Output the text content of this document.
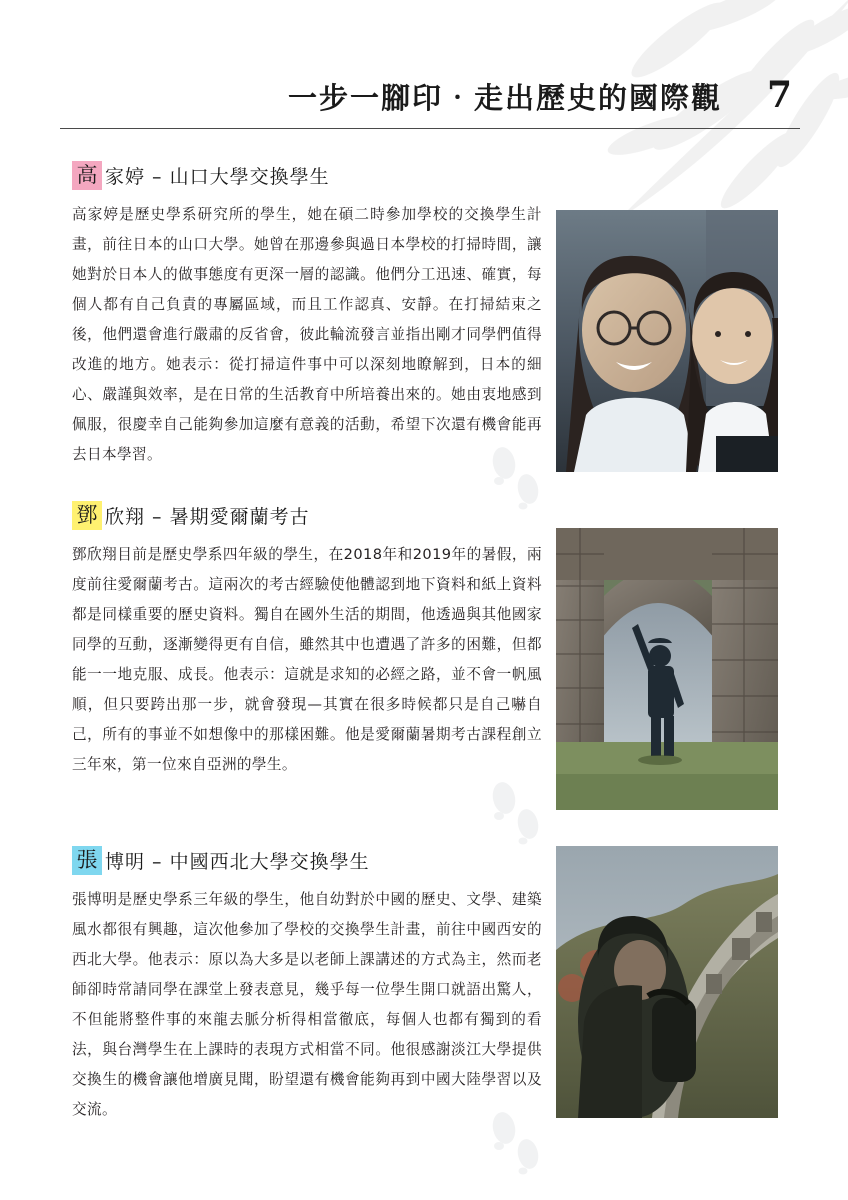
一步一腳印‧走出歷史的國際觀	7
高 家婷 – 山口大學交換學生
高家婷是歷史學系研究所的學生，她在碩二時參加學校的交換學生計畫，前往日本的山口大學。她曾在那邊參與過日本學校的打掃時間，讓她對於日本人的做事態度有更深一層的認識。他們分工迅速、確實，每個人都有自己負責的專屬區域，而且工作認真、安靜。在打掃結束之後，他們還會進行嚴肅的反省會，彼此輪流發言並指出剛才同學們值得改進的地方。她表示：從打掃這件事中可以深刻地瞭解到，日本的細心、嚴謹與效率，是在日常的生活教育中所培養出來的。她由衷地感到佩服，很慶幸自己能夠參加這麼有意義的活動，希望下次還有機會能再去日本學習。
鄧 欣翔 – 暑期愛爾蘭考古
鄧欣翔目前是歷史學系四年級的學生，在2018年和2019年的暑假，兩度前往愛爾蘭考古。這兩次的考古經驗使他體認到地下資料和紙上資料都是同樣重要的歷史資料。獨自在國外生活的期間，他透過與其他國家同學的互動，逐漸變得更有自信，雖然其中也遭遇了許多的困難，但都能一一地克服、成長。他表示：這就是求知的必經之路，並不會一帆風順，但只要跨出那一步，就會發現—其實在很多時候都只是自己嚇自己，所有的事並不如想像中的那樣困難。他是愛爾蘭暑期考古課程創立三年來，第一位來自亞洲的學生。
張 博明 – 中國西北大學交換學生
張博明是歷史學系三年級的學生，他自幼對於中國的歷史、文學、建築風水都很有興趣，這次他參加了學校的交換學生計畫，前往中國西安的西北大學。他表示：原以為大多是以老師上課講述的方式為主，然而老師卻時常請同學在課堂上發表意見，幾乎每一位學生開口就語出驚人，不但能將整件事的來龍去脈分析得相當徹底，每個人也都有獨到的看法，與台灣學生在上課時的表現方式相當不同。他很感謝淡江大學提供交換生的機會讓他增廣見聞，盼望還有機會能夠再到中國大陸學習以及交流。
